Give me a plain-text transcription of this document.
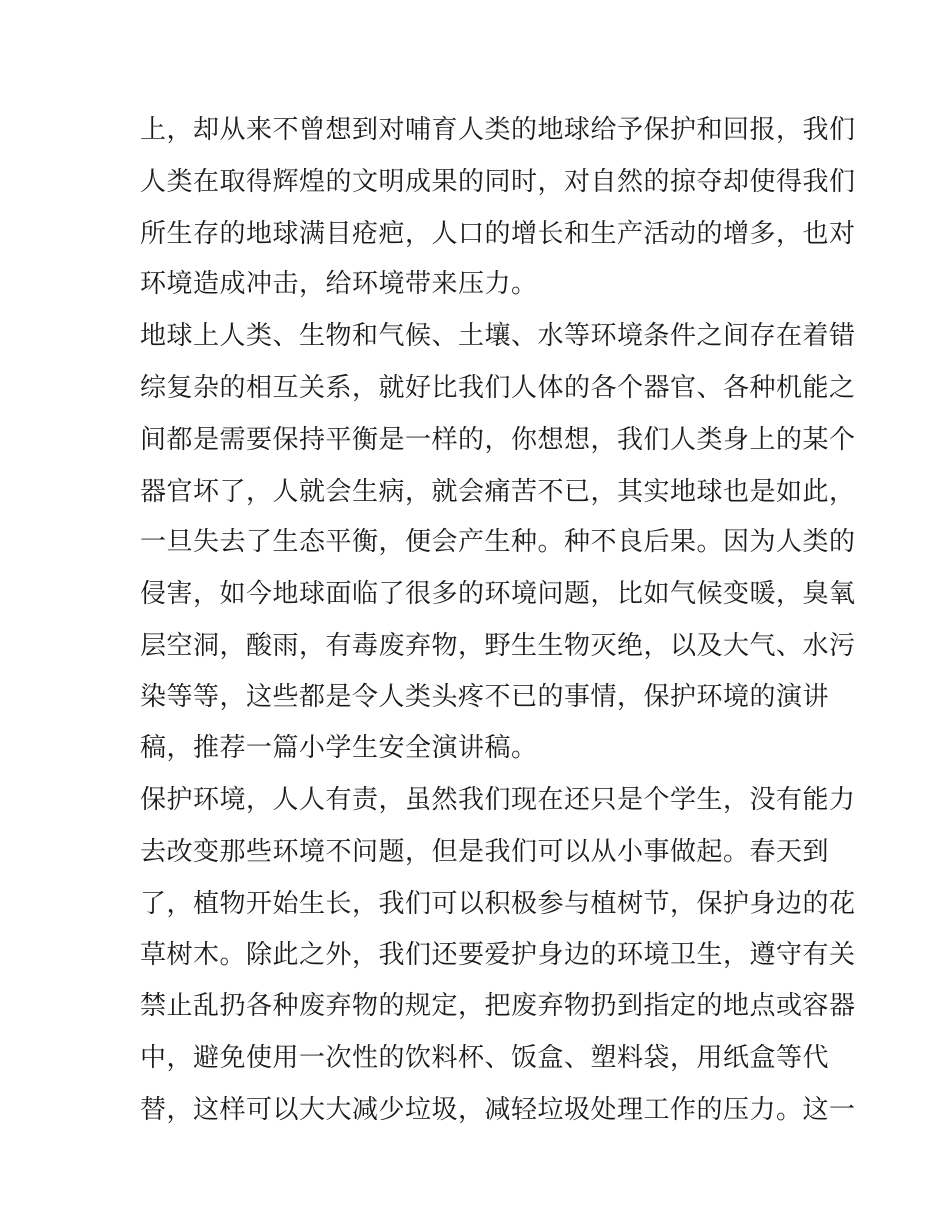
上，却从来不曾想到对哺育人类的地球给予保护和回报，我们
人类在取得辉煌的文明成果的同时，对自然的掠夺却使得我们
所生存的地球满目疮疤，人口的增长和生产活动的增多，也对
环境造成冲击，给环境带来压力。
地球上人类、生物和气候、土壤、水等环境条件之间存在着错
综复杂的相互关系，就好比我们人体的各个器官、各种机能之
间都是需要保持平衡是一样的，你想想，我们人类身上的某个
器官坏了，人就会生病，就会痛苦不已，其实地球也是如此，
一旦失去了生态平衡，便会产生种。种不良后果。因为人类的
侵害，如今地球面临了很多的环境问题，比如气候变暖，臭氧
层空洞，酸雨，有毒废弃物，野生生物灭绝，以及大气、水污
染等等，这些都是令人类头疼不已的事情，保护环境的演讲
稿，推荐一篇小学生安全演讲稿。
保护环境，人人有责，虽然我们现在还只是个学生，没有能力
去改变那些环境不问题，但是我们可以从小事做起。春天到
了，植物开始生长，我们可以积极参与植树节，保护身边的花
草树木。除此之外，我们还要爱护身边的环境卫生，遵守有关
禁止乱扔各种废弃物的规定，把废弃物扔到指定的地点或容器
中，避免使用一次性的饮料杯、饭盒、塑料袋，用纸盒等代
替，这样可以大大减少垃圾，减轻垃圾处理工作的压力。这一
